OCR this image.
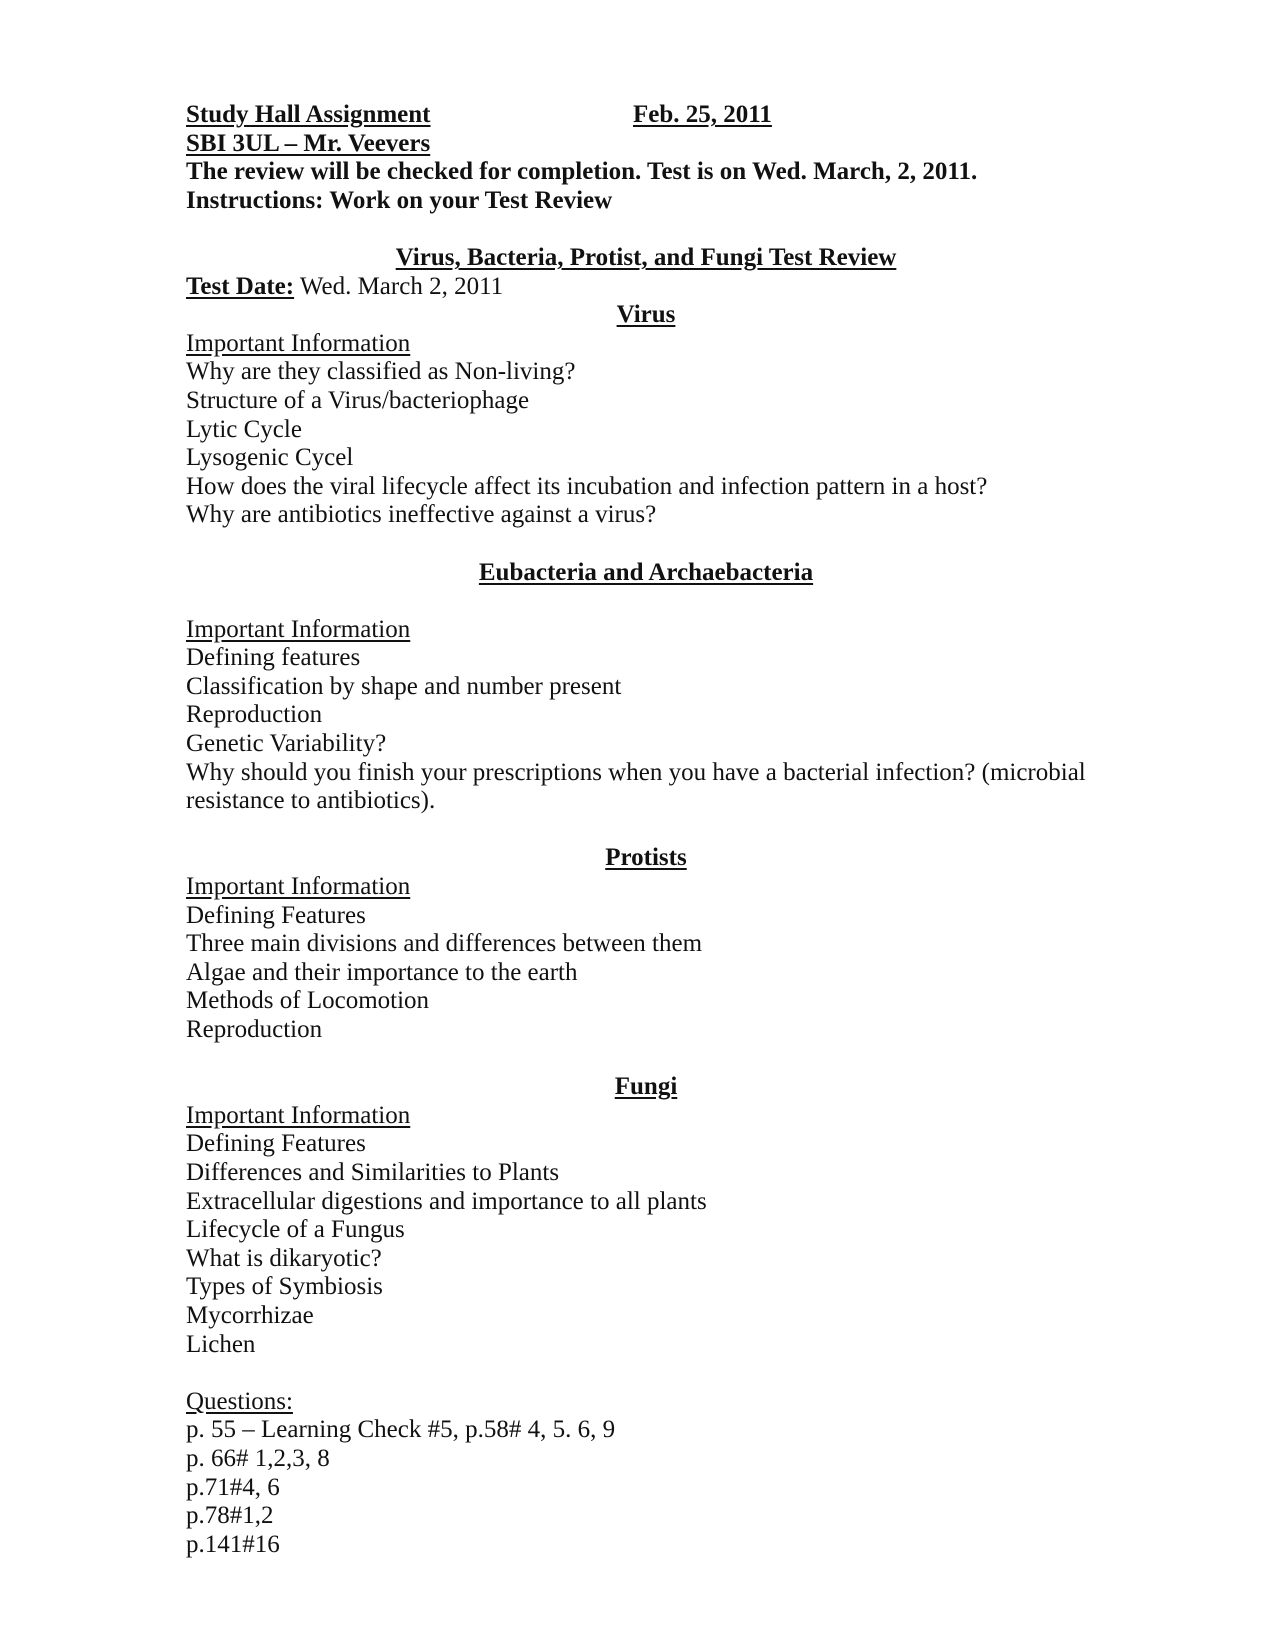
Study Hall Assignment	Feb. 25, 2011
SBI 3UL – Mr. Veevers
The review will be checked for completion. Test is on Wed. March, 2, 2011.
Instructions: Work on your Test Review
Virus, Bacteria, Protist, and Fungi Test Review
Test Date: Wed. March 2, 2011
Virus
Important Information
Why are they classified as Non-living?
Structure of a Virus/bacteriophage
Lytic Cycle
Lysogenic Cycel
How does the viral lifecycle affect its incubation and infection pattern in a host?
Why are antibiotics ineffective against a virus?
Eubacteria and Archaebacteria
Important Information
Defining features
Classification by shape and number present
Reproduction
Genetic Variability?
Why should you finish your prescriptions when you have a bacterial infection? (microbial
resistance to antibiotics).
Protists
Important Information
Defining Features
Three main divisions and differences between them
Algae and their importance to the earth
Methods of Locomotion
Reproduction
Fungi
Important Information
Defining Features
Differences and Similarities to Plants
Extracellular digestions and importance to all plants
Lifecycle of a Fungus
What is dikaryotic?
Types of Symbiosis
Mycorrhizae
Lichen
Questions:
p. 55 – Learning Check #5, p.58# 4, 5. 6, 9
p. 66# 1,2,3, 8
p.71#4, 6
p.78#1,2
p.141#16
